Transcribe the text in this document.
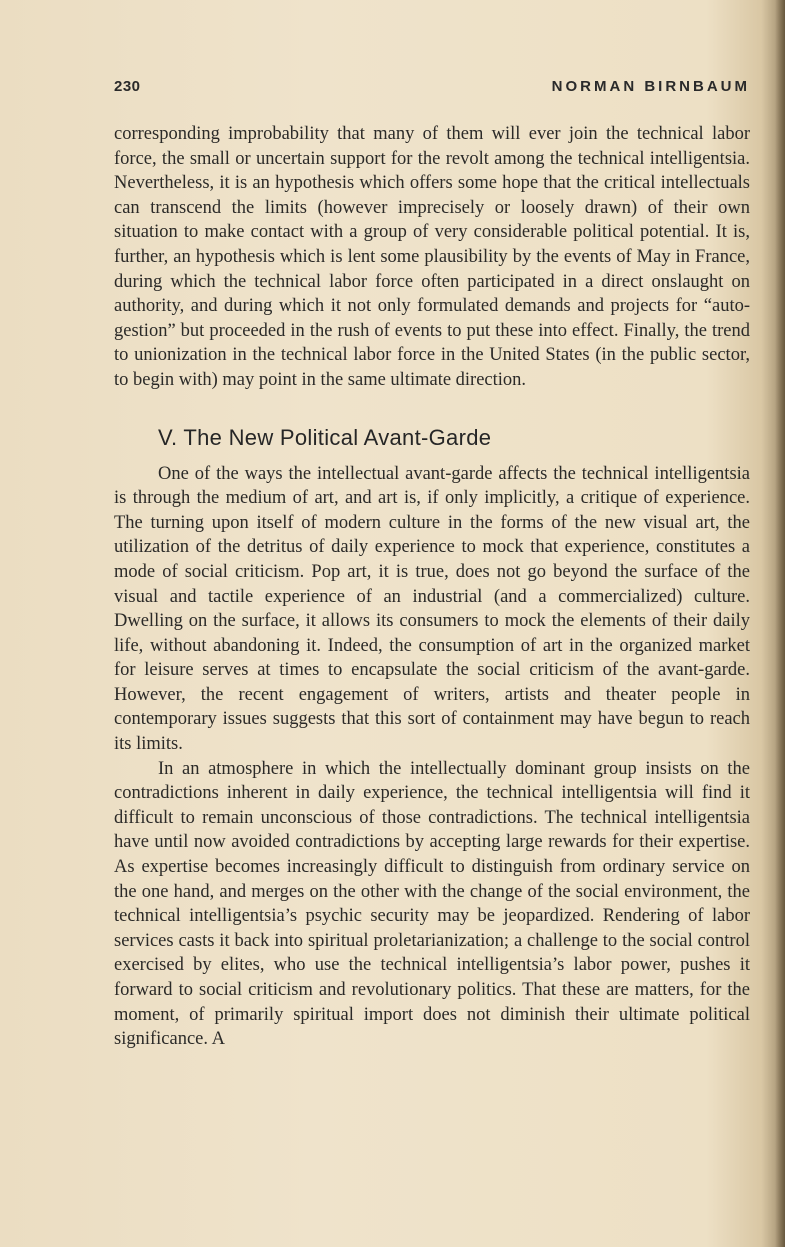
230	NORMAN BIRNBAUM

corresponding improbability that many of them will ever join the technical labor force, the small or uncertain support for the revolt among the technical intelligentsia. Nevertheless, it is an hypothesis which offers some hope that the critical intellectuals can transcend the limits (however imprecisely or loosely drawn) of their own situation to make contact with a group of very considerable political potential. It is, further, an hypothesis which is lent some plausibility by the events of May in France, during which the technical labor force often participated in a direct onslaught on authority, and during which it not only formulated demands and projects for “auto-gestion” but proceeded in the rush of events to put these into effect. Finally, the trend to unionization in the technical labor force in the United States (in the public sector, to begin with) may point in the same ultimate direction.

V. The New Political Avant-Garde

One of the ways the intellectual avant-garde affects the technical intelligentsia is through the medium of art, and art is, if only implicitly, a critique of experience. The turning upon itself of modern culture in the forms of the new visual art, the utilization of the detritus of daily experience to mock that experience, constitutes a mode of social criticism. Pop art, it is true, does not go beyond the surface of the visual and tactile experience of an industrial (and a commercialized) culture. Dwelling on the surface, it allows its consumers to mock the elements of their daily life, without abandoning it. Indeed, the consumption of art in the organized market for leisure serves at times to encapsulate the social criticism of the avant-garde. However, the recent engagement of writers, artists and theater people in contemporary issues suggests that this sort of containment may have begun to reach its limits.

In an atmosphere in which the intellectually dominant group insists on the contradictions inherent in daily experience, the technical intelligentsia will find it difficult to remain unconscious of those contradictions. The technical intelligentsia have until now avoided contradictions by accepting large rewards for their expertise. As expertise becomes increasingly difficult to distinguish from ordinary service on the one hand, and merges on the other with the change of the social environment, the technical intelligentsia’s psychic security may be jeopardized. Rendering of labor services casts it back into spiritual proletarianization; a challenge to the social control exercised by elites, who use the technical intelligentsia’s labor power, pushes it forward to social criticism and revolutionary politics. That these are matters, for the moment, of primarily spiritual import does not diminish their ultimate political significance. A
